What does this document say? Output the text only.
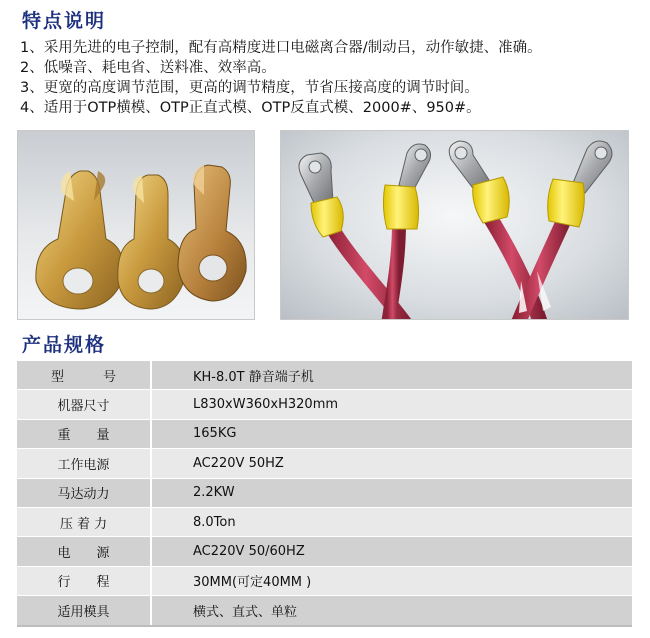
特点说明
1、采用先进的电子控制，配有高精度进口电磁离合器/制动吕，动作敏捷、准确。
2、低噪音、耗电省、送料准、效率高。
3、更宽的高度调节范围，更高的调节精度，节省压接高度的调节时间。
4、适用于OTP横模、OTP正直式模、OTP反直式模、2000#、950#。
产品规格
型　　　号		KH-8.0T 静音端子机
机器尺寸		L830xW360xH320mm
重　　量		165KG
工作电源		AC220V 50HZ
马达动力		2.2KW
压 着 力		8.0Ton
电　　源		AC220V 50/60HZ
行　　程		30MM(可定40MM )
适用模具		横式、直式、单粒
